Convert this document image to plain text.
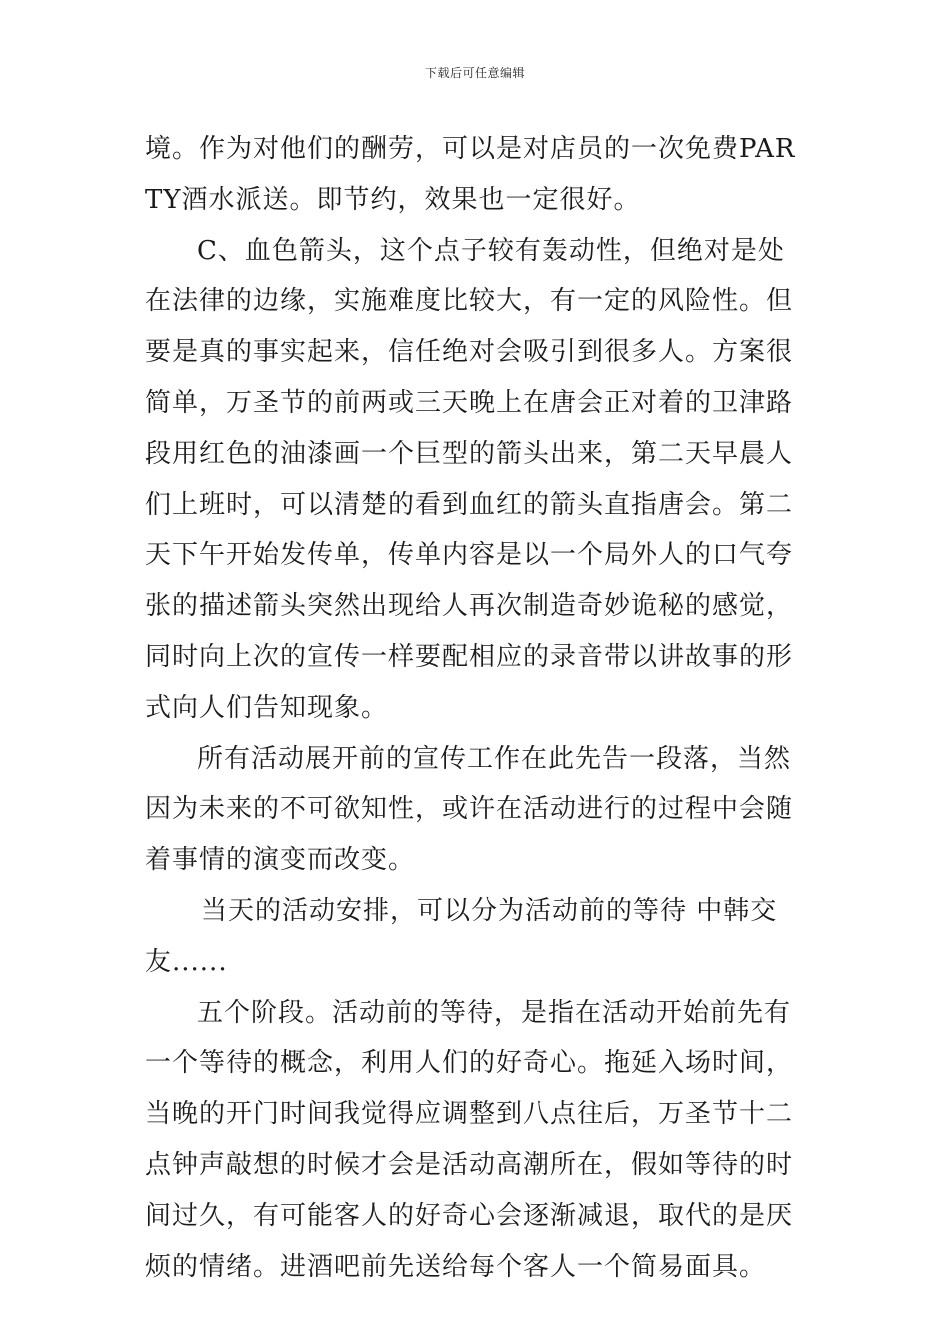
下载后可任意编辑

境。作为对他们的酬劳，可以是对店员的一次免费PARTY酒水派送。即节约，效果也一定很好。

C、血色箭头，这个点子较有轰动性，但绝对是处在法律的边缘，实施难度比较大，有一定的风险性。但要是真的事实起来，信任绝对会吸引到很多人。方案很简单，万圣节的前两或三天晚上在唐会正对着的卫津路段用红色的油漆画一个巨型的箭头出来，第二天早晨人们上班时，可以清楚的看到血红的箭头直指唐会。第二天下午开始发传单，传单内容是以一个局外人的口气夸张的描述箭头突然出现给人再次制造奇妙诡秘的感觉，同时向上次的宣传一样要配相应的录音带以讲故事的形式向人们告知现象。

所有活动展开前的宣传工作在此先告一段落，当然因为未来的不可欲知性，或许在活动进行的过程中会随着事情的演变而改变。

当天的活动安排，可以分为活动前的等待 中韩交友......

五个阶段。活动前的等待，是指在活动开始前先有一个等待的概念，利用人们的好奇心。拖延入场时间，当晚的开门时间我觉得应调整到八点往后，万圣节十二点钟声敲想的时候才会是活动高潮所在，假如等待的时间过久，有可能客人的好奇心会逐渐减退，取代的是厌烦的情绪。进酒吧前先送给每个客人一个简易面具。
